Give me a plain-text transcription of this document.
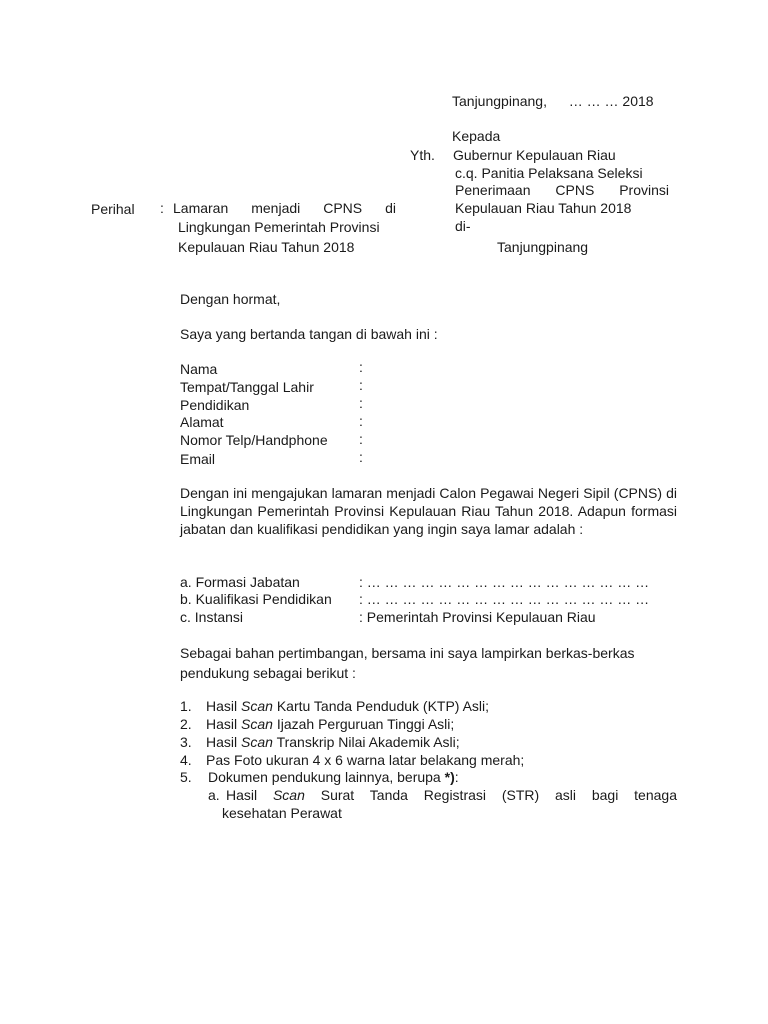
Tanjungpinang, … … … 2018
Kepada
Yth. Gubernur Kepulauan Riau
c.q. Panitia Pelaksana Seleksi
Penerimaan CPNS Provinsi
Kepulauan Riau Tahun 2018
di-
Tanjungpinang
Perihal : Lamaran menjadi CPNS di
Lingkungan Pemerintah Provinsi
Kepulauan Riau Tahun 2018
Dengan hormat,
Saya yang bertanda tangan di bawah ini :
Nama	:
Tempat/Tanggal Lahir	:
Pendidikan	:
Alamat	:
Nomor Telp/Handphone :
Email	:
Dengan ini mengajukan lamaran menjadi Calon Pegawai Negeri Sipil (CPNS) di Lingkungan Pemerintah Provinsi Kepulauan Riau Tahun 2018. Adapun formasi jabatan dan kualifikasi pendidikan yang ingin saya lamar adalah :
a. Formasi Jabatan	: … … … … … … … … … … … … … … … …
b. Kualifikasi Pendidikan : … … … … … … … … … … … … … … … …
c. Instansi	: Pemerintah Provinsi Kepulauan Riau
Sebagai bahan pertimbangan, bersama ini saya lampirkan berkas-berkas
pendukung sebagai berikut :
1. Hasil Scan Kartu Tanda Penduduk (KTP) Asli;
2. Hasil Scan Ijazah Perguruan Tinggi Asli;
3. Hasil Scan Transkrip Nilai Akademik Asli;
4. Pas Foto ukuran 4 x 6 warna latar belakang merah;
5. Dokumen pendukung lainnya, berupa *):
a. Hasil Scan Surat Tanda Registrasi (STR) asli bagi tenaga
kesehatan Perawat
